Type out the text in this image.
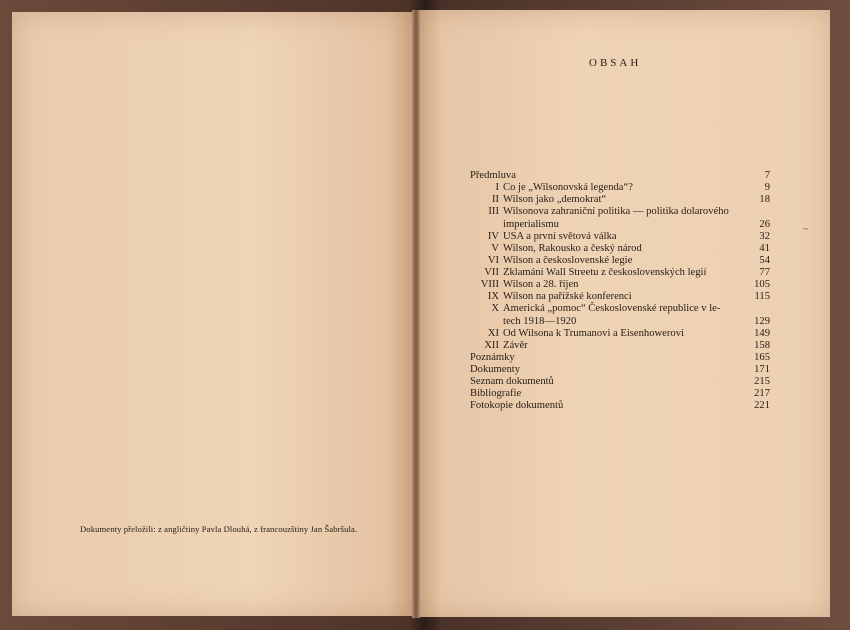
Dokumenty přeložili: z angličtiny Pavla Dlouhá, z francouzštiny Jan Šabršula.
OBSAH
Předmluva	7
I Co je „Wilsonovská legenda“?	9
II Wilson jako „demokrat“	18
III Wilsonova zahraniční politika — politika dolarového
imperialismu	26
IV USA a první světová válka	32
V Wilson, Rakousko a český národ	41
VI Wilson a československé legie	54
VII Zklamání Wall Streetu z československých legií	77
VIII Wilson a 28. říjen	105
IX Wilson na pařížské konferenci	115
X Americká „pomoc“ Československé republice v le-
tech 1918—1920	129
XI Od Wilsona k Trumanovi a Eisenhowerovi	149
XII Závěr	158
Poznámky	165
Dokumenty	171
Seznam dokumentů	215
Bibliografie	217
Fotokopie dokumentů	221
~
